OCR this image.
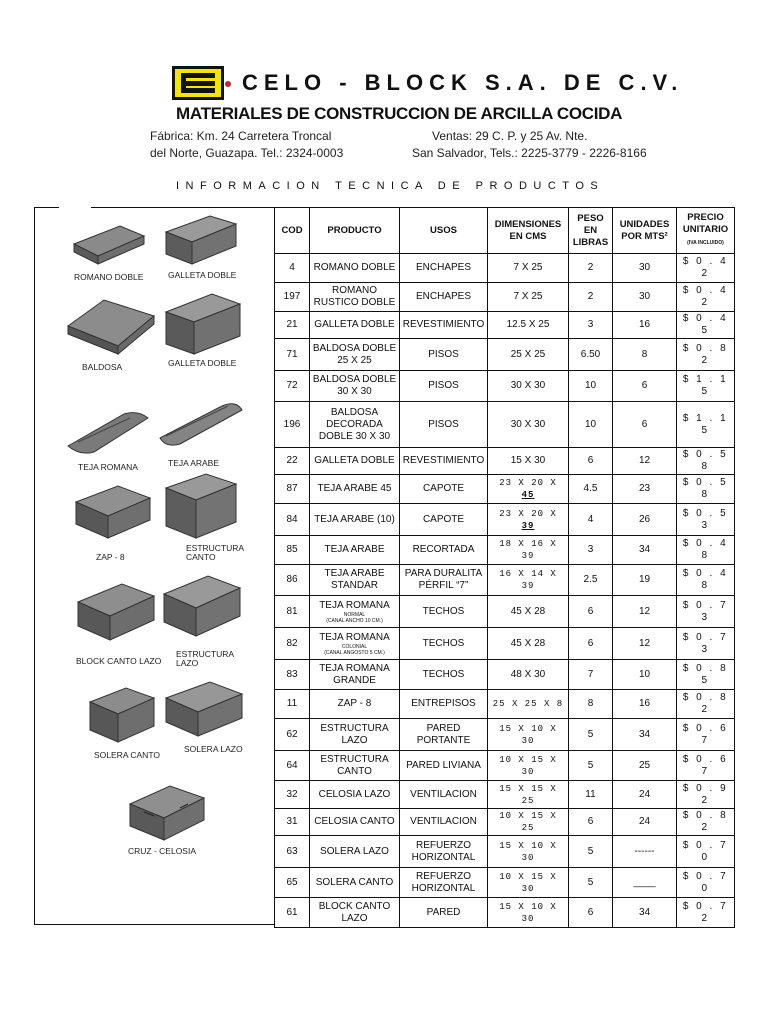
CELO - BLOCK S.A. DE C.V.
MATERIALES DE CONSTRUCCION DE ARCILLA COCIDA
Fábrica: Km. 24 Carretera Troncal
del Norte, Guazapa. Tel.: 2324-0003
Ventas: 29 C. P. y 25 Av. Nte.
San Salvador, Tels.: 2225-3779 - 2226-8166
INFORMACION TECNICA DE PRODUCTOS
ROMANO DOBLE	GALLETA DOBLE
BALDOSA	GALLETA DOBLE
TEJA ROMANA	TEJA ARABE
ZAP - 8
ESTRUCTURA CANTO
BLOCK CANTO LAZO
ESTRUCTURA LAZO
SOLERA CANTO
SOLERA LAZO
CRUZ - CELOSIA
COD	PRODUCTO	USOS	DIMENSIONES EN CMS	PESO EN LIBRAS	UNIDADES POR MTS²	PRECIO UNITARIO
(IVA INCLUIDO)
4	ROMANO DOBLE	ENCHAPES	7 X 25	2	30	$ 0 . 4 2
197	ROMANO RUSTICO DOBLE	ENCHAPES	7 X 25	2	30	$ 0 . 4 2
21	GALLETA DOBLE	REVESTIMIENTO	12.5 X 25	3	16	$ 0 . 4 5
71	BALDOSA DOBLE 25 X 25	PISOS	25 X 25	6.50	8	$ 0 . 8 2
72	BALDOSA DOBLE 30 X 30	PISOS	30 X 30	10	6	$ 1 . 1 5
196	BALDOSA DECORADA DOBLE 30 X 30	PISOS	30 X 30	10	6	$ 1 . 1 5
22	GALLETA DOBLE	REVESTIMIENTO	15 X 30	6	12	$ 0 . 5 8
87	TEJA ARABE 45	CAPOTE	23 X 20 X 45	4.5	23	$ 0 . 5 8
84	TEJA ARABE (10)	CAPOTE	23 X 20 X 39	4	26	$ 0 . 5 3
85	TEJA ARABE	RECORTADA	18 X 16 X 39	3	34	$ 0 . 4 8
86	TEJA ARABE STANDAR	PARA DURALITA PÉRFIL “7”	16 X 14 X 39	2.5	19	$ 0 . 4 8
81	TEJA ROMANA
NORMAL
(CANAL ANCHO 10 CM.)	TECHOS	45 X 28	6	12	$ 0 . 7 3
82	TEJA ROMANA
COLONIAL
(CANAL ANGOSTO 5 CM.)	TECHOS	45 X 28	6	12	$ 0 . 7 3
83	TEJA ROMANA GRANDE	TECHOS	48 X 30	7	10	$ 0 . 8 5
11	ZAP - 8	ENTREPISOS	25 X 25 X 8	8	16	$ 0 . 8 2
62	ESTRUCTURA LAZO	PARED PORTANTE	15 X 10 X 30	5	34	$ 0 . 6 7
64	ESTRUCTURA CANTO	PARED LIVIANA	10 X 15 X 30	5	25	$ 0 . 6 7
32	CELOSIA LAZO	VENTILACION	15 X 15 X 25	11	24	$ 0 . 9 2
31	CELOSIA CANTO	VENTILACION	10 X 15 X 25	6	24	$ 0 . 8 2
63	SOLERA LAZO	REFUERZO HORIZONTAL	15 X 10 X 30	5	------	$ 0 . 7 0
65	SOLERA CANTO	REFUERZO HORIZONTAL	10 X 15 X 30	5	____	$ 0 . 7 0
61	BLOCK CANTO LAZO	PARED	15 X 10 X 30	6	34	$ 0 . 7 2
